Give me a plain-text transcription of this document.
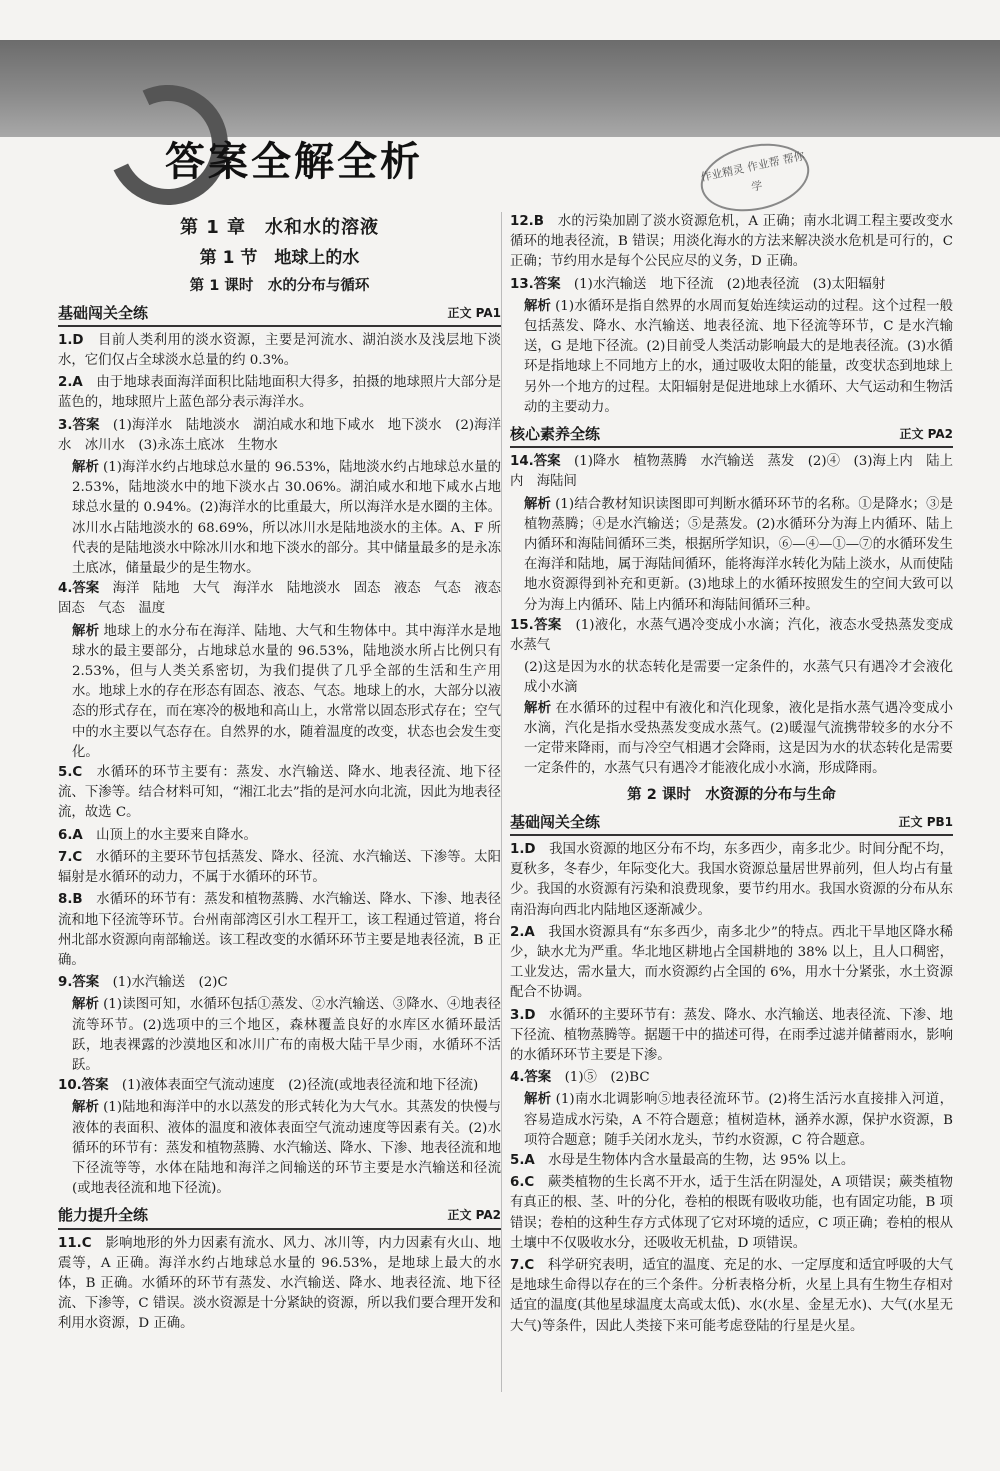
答案全解全析	作业精灵 作业帮 帮你学
第 1 章　水和水的溶液
第 1 节　地球上的水
第 1 课时　水的分布与循环
基础闯关全练	正文 PA1
1.D　 目前人类利用的淡水资源，主要是河流水、湖泊淡水及浅层地下淡水，它们仅占全球淡水总量的约 0.3%。
2.A　 由于地球表面海洋面积比陆地面积大得多，拍摄的地球照片大部分是蓝色的，地球照片上蓝色部分表示海洋水。
3.答案　 (1)海洋水　陆地淡水　湖泊咸水和地下咸水　地下淡水　(2)海洋水　冰川水　(3)永冻土底冰　生物水
解析 (1)海洋水约占地球总水量的 96.53%，陆地淡水约占地球总水量的 2.53%，陆地淡水中的地下淡水占 30.06%。湖泊咸水和地下咸水占地球总水量的 0.94%。(2)海洋水的比重最大，所以海洋水是水圈的主体。冰川水占陆地淡水的 68.69%，所以冰川水是陆地淡水的主体。A、F 所代表的是陆地淡水中除冰川水和地下淡水的部分。其中储量最多的是永冻土底冰，储量最少的是生物水。
4.答案　 海洋　陆地　大气　海洋水　陆地淡水　固态　液态　气态　液态　固态　气态　温度
解析 地球上的水分布在海洋、陆地、大气和生物体中。其中海洋水是地球水的最主要部分，占地球总水量的 96.53%，陆地淡水所占比例只有 2.53%，但与人类关系密切，为我们提供了几乎全部的生活和生产用水。地球上水的存在形态有固态、液态、气态。地球上的水，大部分以液态的形式存在，而在寒冷的极地和高山上，水常常以固态形式存在；空气中的水主要以气态存在。自然界的水，随着温度的改变，状态也会发生变化。
5.C　 水循环的环节主要有：蒸发、水汽输送、降水、地表径流、地下径流、下渗等。结合材料可知，“湘江北去”指的是河水向北流，因此为地表径流，故选 C。
6.A　 山顶上的水主要来自降水。
7.C　 水循环的主要环节包括蒸发、降水、径流、水汽输送、下渗等。太阳辐射是水循环的动力，不属于水循环的环节。
8.B　 水循环的环节有：蒸发和植物蒸腾、水汽输送、降水、下渗、地表径流和地下径流等环节。台州南部湾区引水工程开工，该工程通过管道，将台州北部水资源向南部输送。该工程改变的水循环环节主要是地表径流，B 正确。
9.答案　 (1)水汽输送　(2)C
解析 (1)读图可知，水循环包括①蒸发、②水汽输送、③降水、④地表径流等环节。(2)选项中的三个地区，森林覆盖良好的水库区水循环最活跃，地表裸露的沙漠地区和冰川广布的南极大陆干旱少雨，水循环不活跃。
10.答案　 (1)液体表面空气流动速度　(2)径流(或地表径流和地下径流)
解析 (1)陆地和海洋中的水以蒸发的形式转化为大气水。其蒸发的快慢与液体的表面积、液体的温度和液体表面空气流动速度等因素有关。(2)水循环的环节有：蒸发和植物蒸腾、水汽输送、降水、下渗、地表径流和地下径流等等，水体在陆地和海洋之间输送的环节主要是水汽输送和径流(或地表径流和地下径流)。
能力提升全练	正文 PA2
11.C　 影响地形的外力因素有流水、风力、冰川等，内力因素有火山、地震等，A 正确。海洋水约占地球总水量的 96.53%，是地球上最大的水体，B 正确。水循环的环节有蒸发、水汽输送、降水、地表径流、地下径流、下渗等，C 错误。淡水资源是十分紧缺的资源，所以我们要合理开发和利用水资源，D 正确。
12.B　 水的污染加剧了淡水资源危机，A 正确；南水北调工程主要改变水循环的地表径流，B 错误；用淡化海水的方法来解决淡水危机是可行的，C 正确；节约用水是每个公民应尽的义务，D 正确。
13.答案　 (1)水汽输送　地下径流　(2)地表径流　(3)太阳辐射
解析 (1)水循环是指自然界的水周而复始连续运动的过程。这个过程一般包括蒸发、降水、水汽输送、地表径流、地下径流等环节，C 是水汽输送，G 是地下径流。(2)目前受人类活动影响最大的是地表径流。(3)水循环是指地球上不同地方上的水，通过吸收太阳的能量，改变状态到地球上另外一个地方的过程。太阳辐射是促进地球上水循环、大气运动和生物活动的主要动力。
核心素养全练	正文 PA2
14.答案　 (1)降水　植物蒸腾　水汽输送　蒸发　(2)④　(3)海上内　陆上内　海陆间
解析 (1)结合教材知识读图即可判断水循环环节的名称。①是降水；③是植物蒸腾；④是水汽输送；⑤是蒸发。(2)水循环分为海上内循环、陆上内循环和海陆间循环三类，根据所学知识，⑥—④—①—⑦的水循环发生在海洋和陆地，属于海陆间循环，能将海洋水转化为陆上淡水，从而使陆地水资源得到补充和更新。(3)地球上的水循环按照发生的空间大致可以分为海上内循环、陆上内循环和海陆间循环三种。
15.答案　 (1)液化，水蒸气遇冷变成小水滴；汽化，液态水受热蒸发变成水蒸气
(2)这是因为水的状态转化是需要一定条件的，水蒸气只有遇冷才会液化成小水滴
解析 在水循环的过程中有液化和汽化现象，液化是指水蒸气遇冷变成小水滴，汽化是指水受热蒸发变成水蒸气。(2)暖湿气流携带较多的水分不一定带来降雨，而与冷空气相遇才会降雨，这是因为水的状态转化是需要一定条件的，水蒸气只有遇冷才能液化成小水滴，形成降雨。
第 2 课时　水资源的分布与生命
基础闯关全练	正文 PB1
1.D　 我国水资源的地区分布不均，东多西少，南多北少。时间分配不均，夏秋多，冬春少，年际变化大。我国水资源总量居世界前列，但人均占有量少。我国的水资源有污染和浪费现象，要节约用水。我国水资源的分布从东南沿海向西北内陆地区逐渐减少。
2.A　 我国水资源具有“东多西少，南多北少”的特点。西北干旱地区降水稀少，缺水尤为严重。华北地区耕地占全国耕地的 38% 以上，且人口稠密，工业发达，需水量大，而水资源约占全国的 6%，用水十分紧张，水土资源配合不协调。
3.D　 水循环的主要环节有：蒸发、降水、水汽输送、地表径流、下渗、地下径流、植物蒸腾等。据题干中的描述可得，在雨季过滤并储蓄雨水，影响的水循环环节主要是下渗。
4.答案　 (1)⑤　(2)BC
解析 (1)南水北调影响⑤地表径流环节。(2)将生活污水直接排入河道，容易造成水污染，A 不符合题意；植树造林，涵养水源，保护水资源，B 项符合题意；随手关闭水龙头，节约水资源，C 符合题意。
5.A　 水母是生物体内含水量最高的生物，达 95% 以上。
6.C　 蕨类植物的生长离不开水，适于生活在阴湿处，A 项错误；蕨类植物有真正的根、茎、叶的分化，卷柏的根既有吸收功能，也有固定功能，B 项错误；卷柏的这种生存方式体现了它对环境的适应，C 项正确；卷柏的根从土壤中不仅吸收水分，还吸收无机盐，D 项错误。
7.C　 科学研究表明，适宜的温度、充足的水、一定厚度和适宜呼吸的大气是地球生命得以存在的三个条件。分析表格分析，火星上具有生物生存相对适宜的温度(其他星球温度太高或太低)、水(水星、金星无水)、大气(水星无大气)等条件，因此人类接下来可能考虑登陆的行星是火星。
